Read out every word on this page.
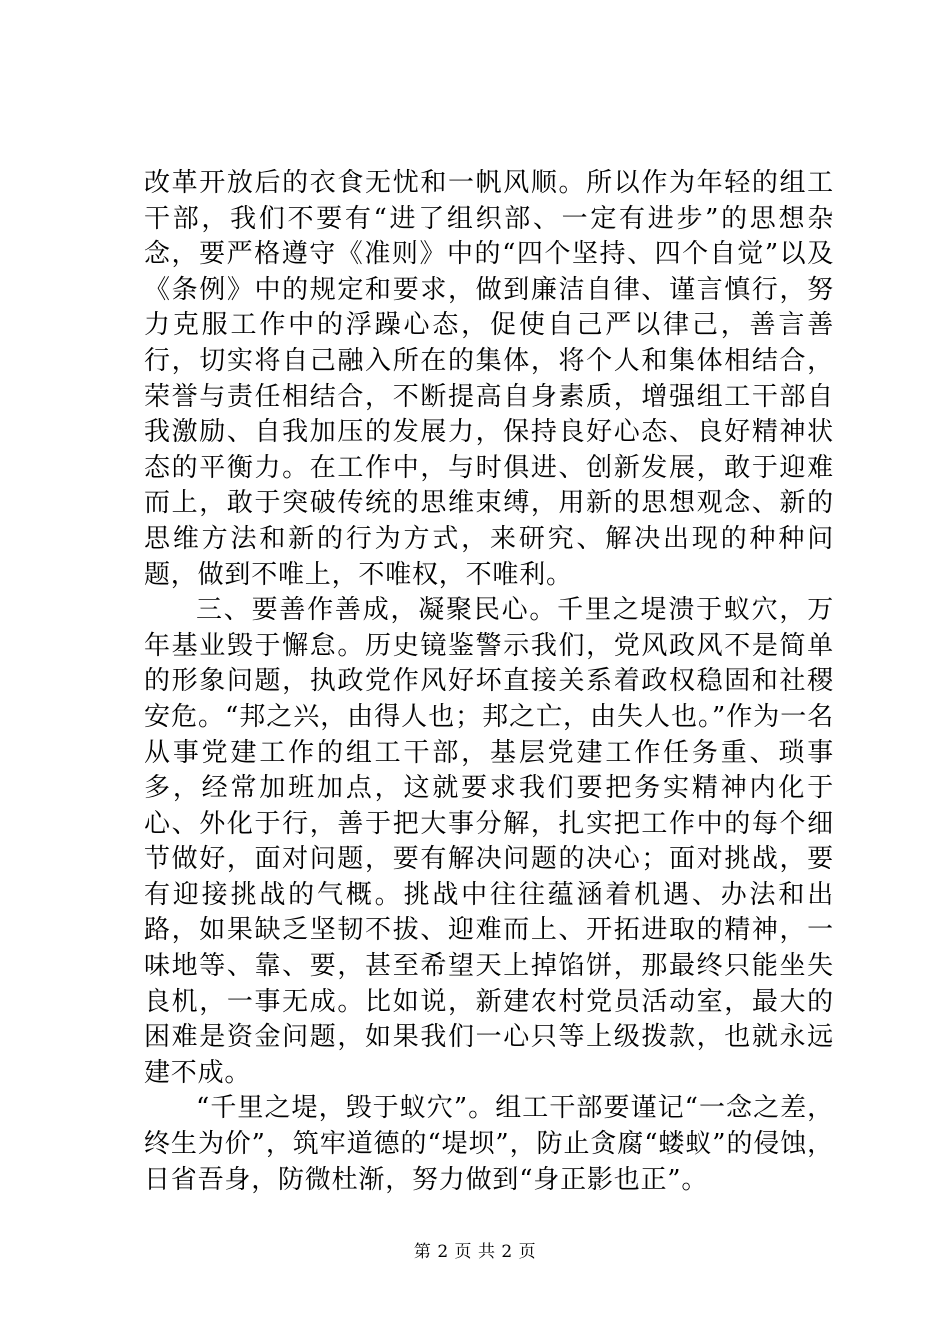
改革开放后的衣食无忧和一帆风顺。所以作为年轻的组工干部，我们不要有“进了组织部、一定有进步”的思想杂念，要严格遵守《准则》中的“四个坚持、四个自觉”以及《条例》中的规定和要求，做到廉洁自律、谨言慎行，努力克服工作中的浮躁心态，促使自己严以律己，善言善行，切实将自己融入所在的集体，将个人和集体相结合，荣誉与责任相结合，不断提高自身素质，增强组工干部自我激励、自我加压的发展力，保持良好心态、良好精神状态的平衡力。在工作中，与时俱进、创新发展，敢于迎难而上，敢于突破传统的思维束缚，用新的思想观念、新的思维方法和新的行为方式，来研究、解决出现的种种问题，做到不唯上，不唯权，不唯利。

三、要善作善成，凝聚民心。千里之堤溃于蚁穴，万年基业毁于懈怠。历史镜鉴警示我们，党风政风不是简单的形象问题，执政党作风好坏直接关系着政权稳固和社稷安危。“邦之兴，由得人也；邦之亡，由失人也。”作为一名从事党建工作的组工干部，基层党建工作任务重、琐事多，经常加班加点，这就要求我们要把务实精神内化于心、外化于行，善于把大事分解，扎实把工作中的每个细节做好，面对问题，要有解决问题的决心；面对挑战，要有迎接挑战的气概。挑战中往往蕴涵着机遇、办法和出路，如果缺乏坚韧不拔、迎难而上、开拓进取的精神，一味地等、靠、要，甚至希望天上掉馅饼，那最终只能坐失良机，一事无成。比如说，新建农村党员活动室，最大的困难是资金问题，如果我们一心只等上级拨款，也就永远建不成。

“千里之堤，毁于蚁穴”。组工干部要谨记“一念之差，终生为价”，筑牢道德的“堤坝”，防止贪腐“蝼蚁”的侵蚀，日省吾身，防微杜渐，努力做到“身正影也正”。

第 2 页 共 2 页
